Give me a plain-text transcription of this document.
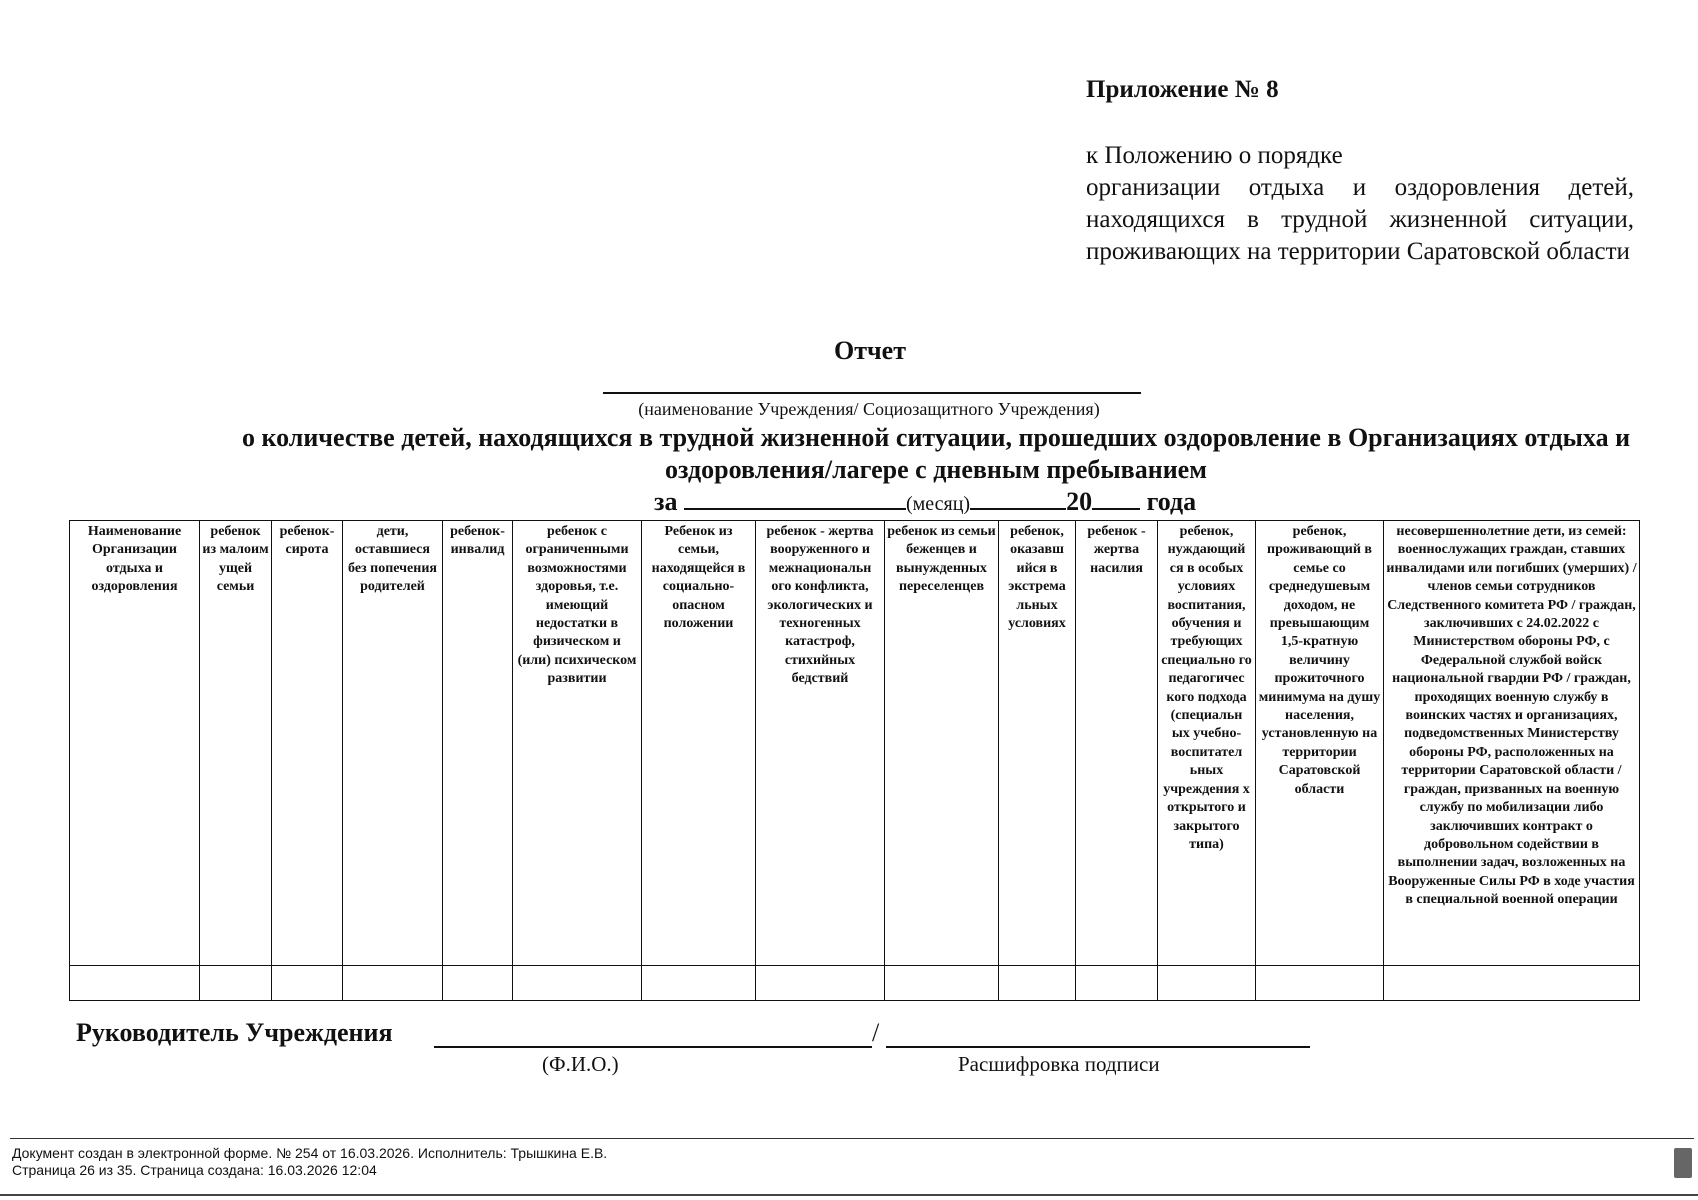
Приложение № 8
к Положению о порядке
организации отдыха и оздоровления детей, находящихся в трудной жизненной ситуации, проживающих на территории Саратовской области
Отчет
(наименование Учреждения/ Социозащитного Учреждения)
о количестве детей, находящихся в трудной жизненной ситуации, прошедших оздоровление в Организациях отдыха и оздоровления/лагере с дневным пребыванием
за	(месяц)	20 года
Наименование Организации отдыха и оздоровления	ребенок из малоим ущей семьи	ребенок-сирота	дети, оставшиеся без попечения родителей	ребенок-инвалид	ребенок с ограниченными возможностями здоровья, т.е. имеющий недостатки в физическом и (или) психическом развитии	Ребенок из семьи, находящейся в социально-опасном положении	ребенок - жертва вооруженного и межнациональн ого конфликта, экологических и техногенных катастроф, стихийных бедствий	ребенок из семьи беженцев и вынужденных переселенцев	ребенок, оказавш ийся в экстрема льных условиях	ребенок - жертва насилия	ребенок, нуждающий ся в особых условиях воспитания, обучения и требующих специально го педагогичес кого подхода (специальн ых учебно-воспитател ьных учреждения х открытого и закрытого типа)	ребенок, проживающий в семье со среднедушевым доходом, не превышающим 1,5-кратную величину прожиточного минимума на душу населения, установленную на территории Саратовской области	несовершеннолетние дети, из семей: военнослужащих граждан, ставших инвалидами или погибших (умерших) / членов семьи сотрудников Следственного комитета РФ / граждан, заключивших с 24.02.2022 с Министерством обороны РФ, с Федеральной службой войск национальной гвардии РФ / граждан, проходящих военную службу в воинских частях и организациях, подведомственных Министерству обороны РФ, расположенных на территории Саратовской области / граждан, призванных на военную службу по мобилизации либо заключивших контракт о добровольном содействии в выполнении задач, возложенных на Вооруженные Силы РФ в ходе участия в специальной военной операции

Руководитель Учреждения	/
(Ф.И.О.)	Расшифровка подписи
Документ создан в электронной форме. № 254 от 16.03.2026. Исполнитель: Трышкина Е.В.
Страница 26 из 35. Страница создана: 16.03.2026 12:04
